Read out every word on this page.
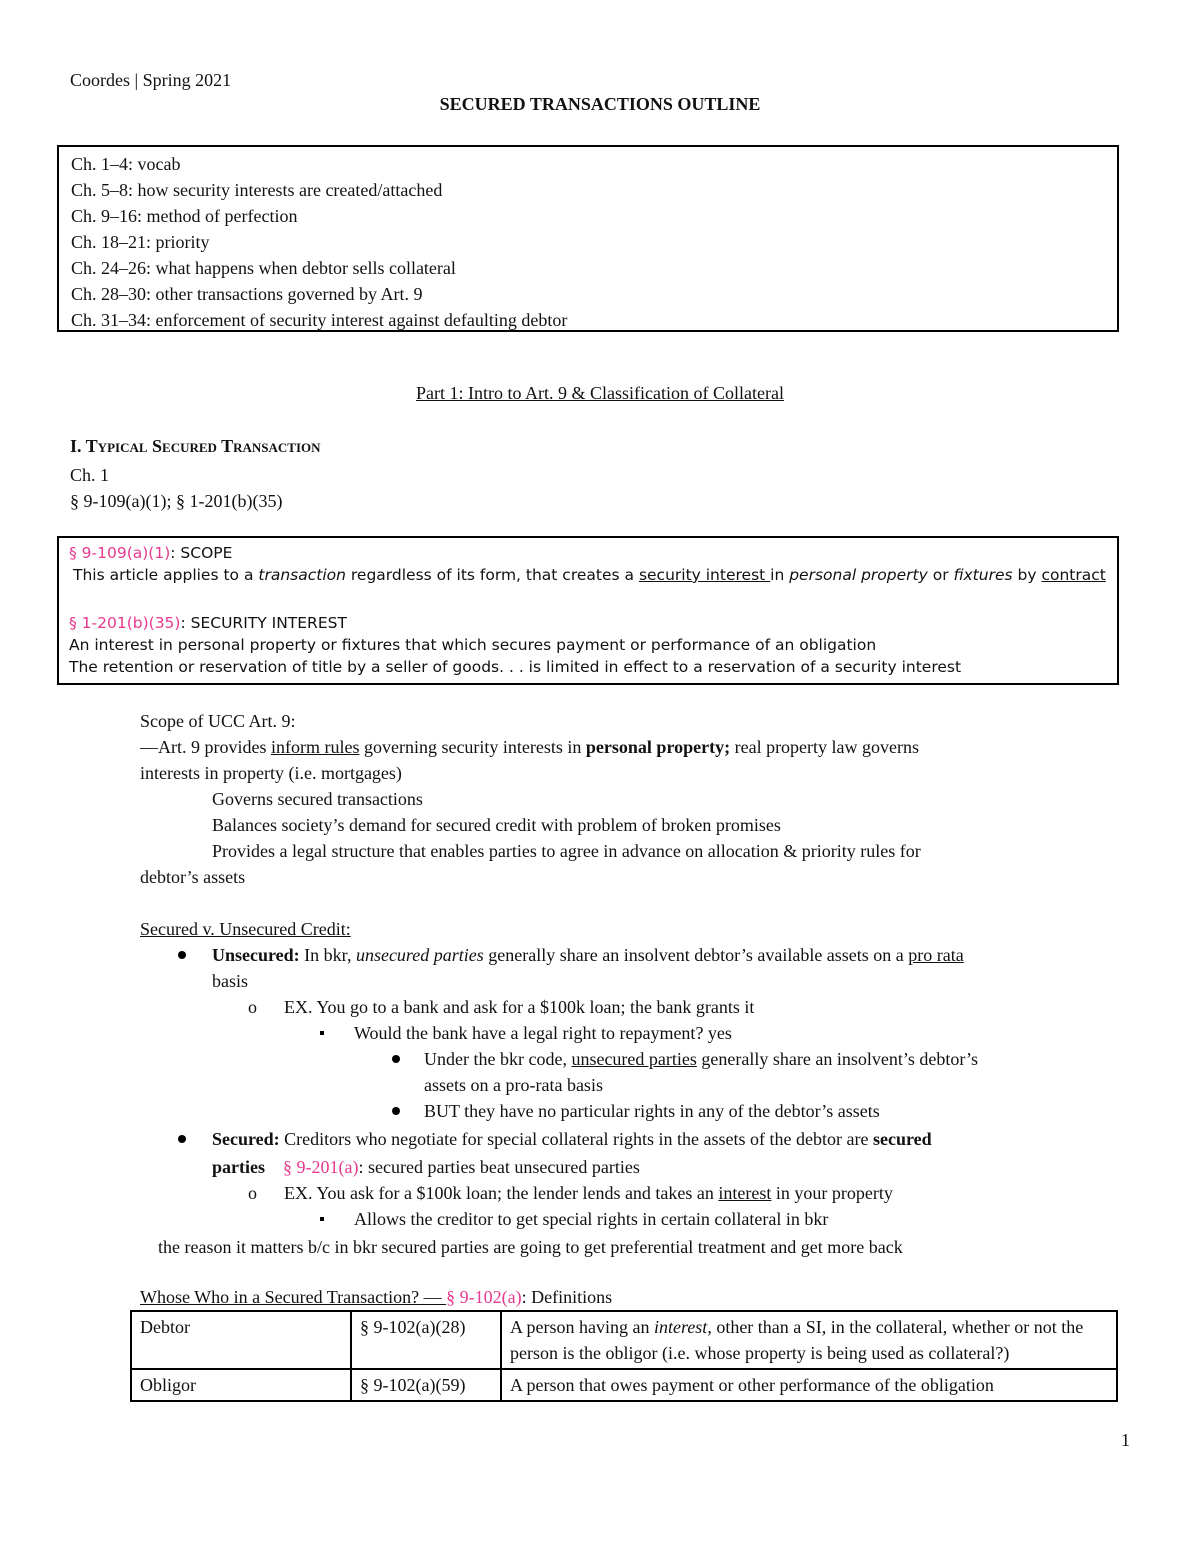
Coordes | Spring 2021
SECURED TRANSACTIONS OUTLINE
Ch. 1–4: vocab
Ch. 5–8: how security interests are created/attached
Ch. 9–16: method of perfection
Ch. 18–21: priority
Ch. 24–26: what happens when debtor sells collateral
Ch. 28–30: other transactions governed by Art. 9
Ch. 31–34: enforcement of security interest against defaulting debtor
Part 1: Intro to Art. 9 & Classification of Collateral
I. Typical Secured Transaction
Ch. 1
§ 9-109(a)(1); § 1-201(b)(35)
§ 9-109(a)(1): SCOPE
This article applies to a transaction regardless of its form, that creates a security interest in personal property or fixtures by contract
§ 1-201(b)(35): SECURITY INTEREST
An interest in personal property or fixtures that which secures payment or performance of an obligation
The retention or reservation of title by a seller of goods. . . is limited in effect to a reservation of a security interest
Scope of UCC Art. 9:
—Art. 9 provides inform rules governing security interests in personal property; real property law governs
interests in property (i.e. mortgages)
Governs secured transactions
Balances society’s demand for secured credit with problem of broken promises
Provides a legal structure that enables parties to agree in advance on allocation & priority rules for
debtor’s assets
Secured v. Unsecured Credit:
Unsecured: In bkr, unsecured parties generally share an insolvent debtor’s available assets on a pro rata
basis
o EX. You go to a bank and ask for a $100k loan; the bank grants it
Would the bank have a legal right to repayment? yes
Under the bkr code, unsecured parties generally share an insolvent’s debtor’s
assets on a pro-rata basis
BUT they have no particular rights in any of the debtor’s assets
Secured: Creditors who negotiate for special collateral rights in the assets of the debtor are secured
parties § 9-201(a): secured parties beat unsecured parties
o EX. You ask for a $100k loan; the lender lends and takes an interest in your property
Allows the creditor to get special rights in certain collateral in bkr
the reason it matters b/c in bkr secured parties are going to get preferential treatment and get more back
Whose Who in a Secured Transaction? — § 9-102(a): Definitions
Debtor	§ 9-102(a)(28)	A person having an interest, other than a SI, in the collateral, whether or not the person is the obligor (i.e. whose property is being used as collateral?)
Obligor	§ 9-102(a)(59)	A person that owes payment or other performance of the obligation
1
